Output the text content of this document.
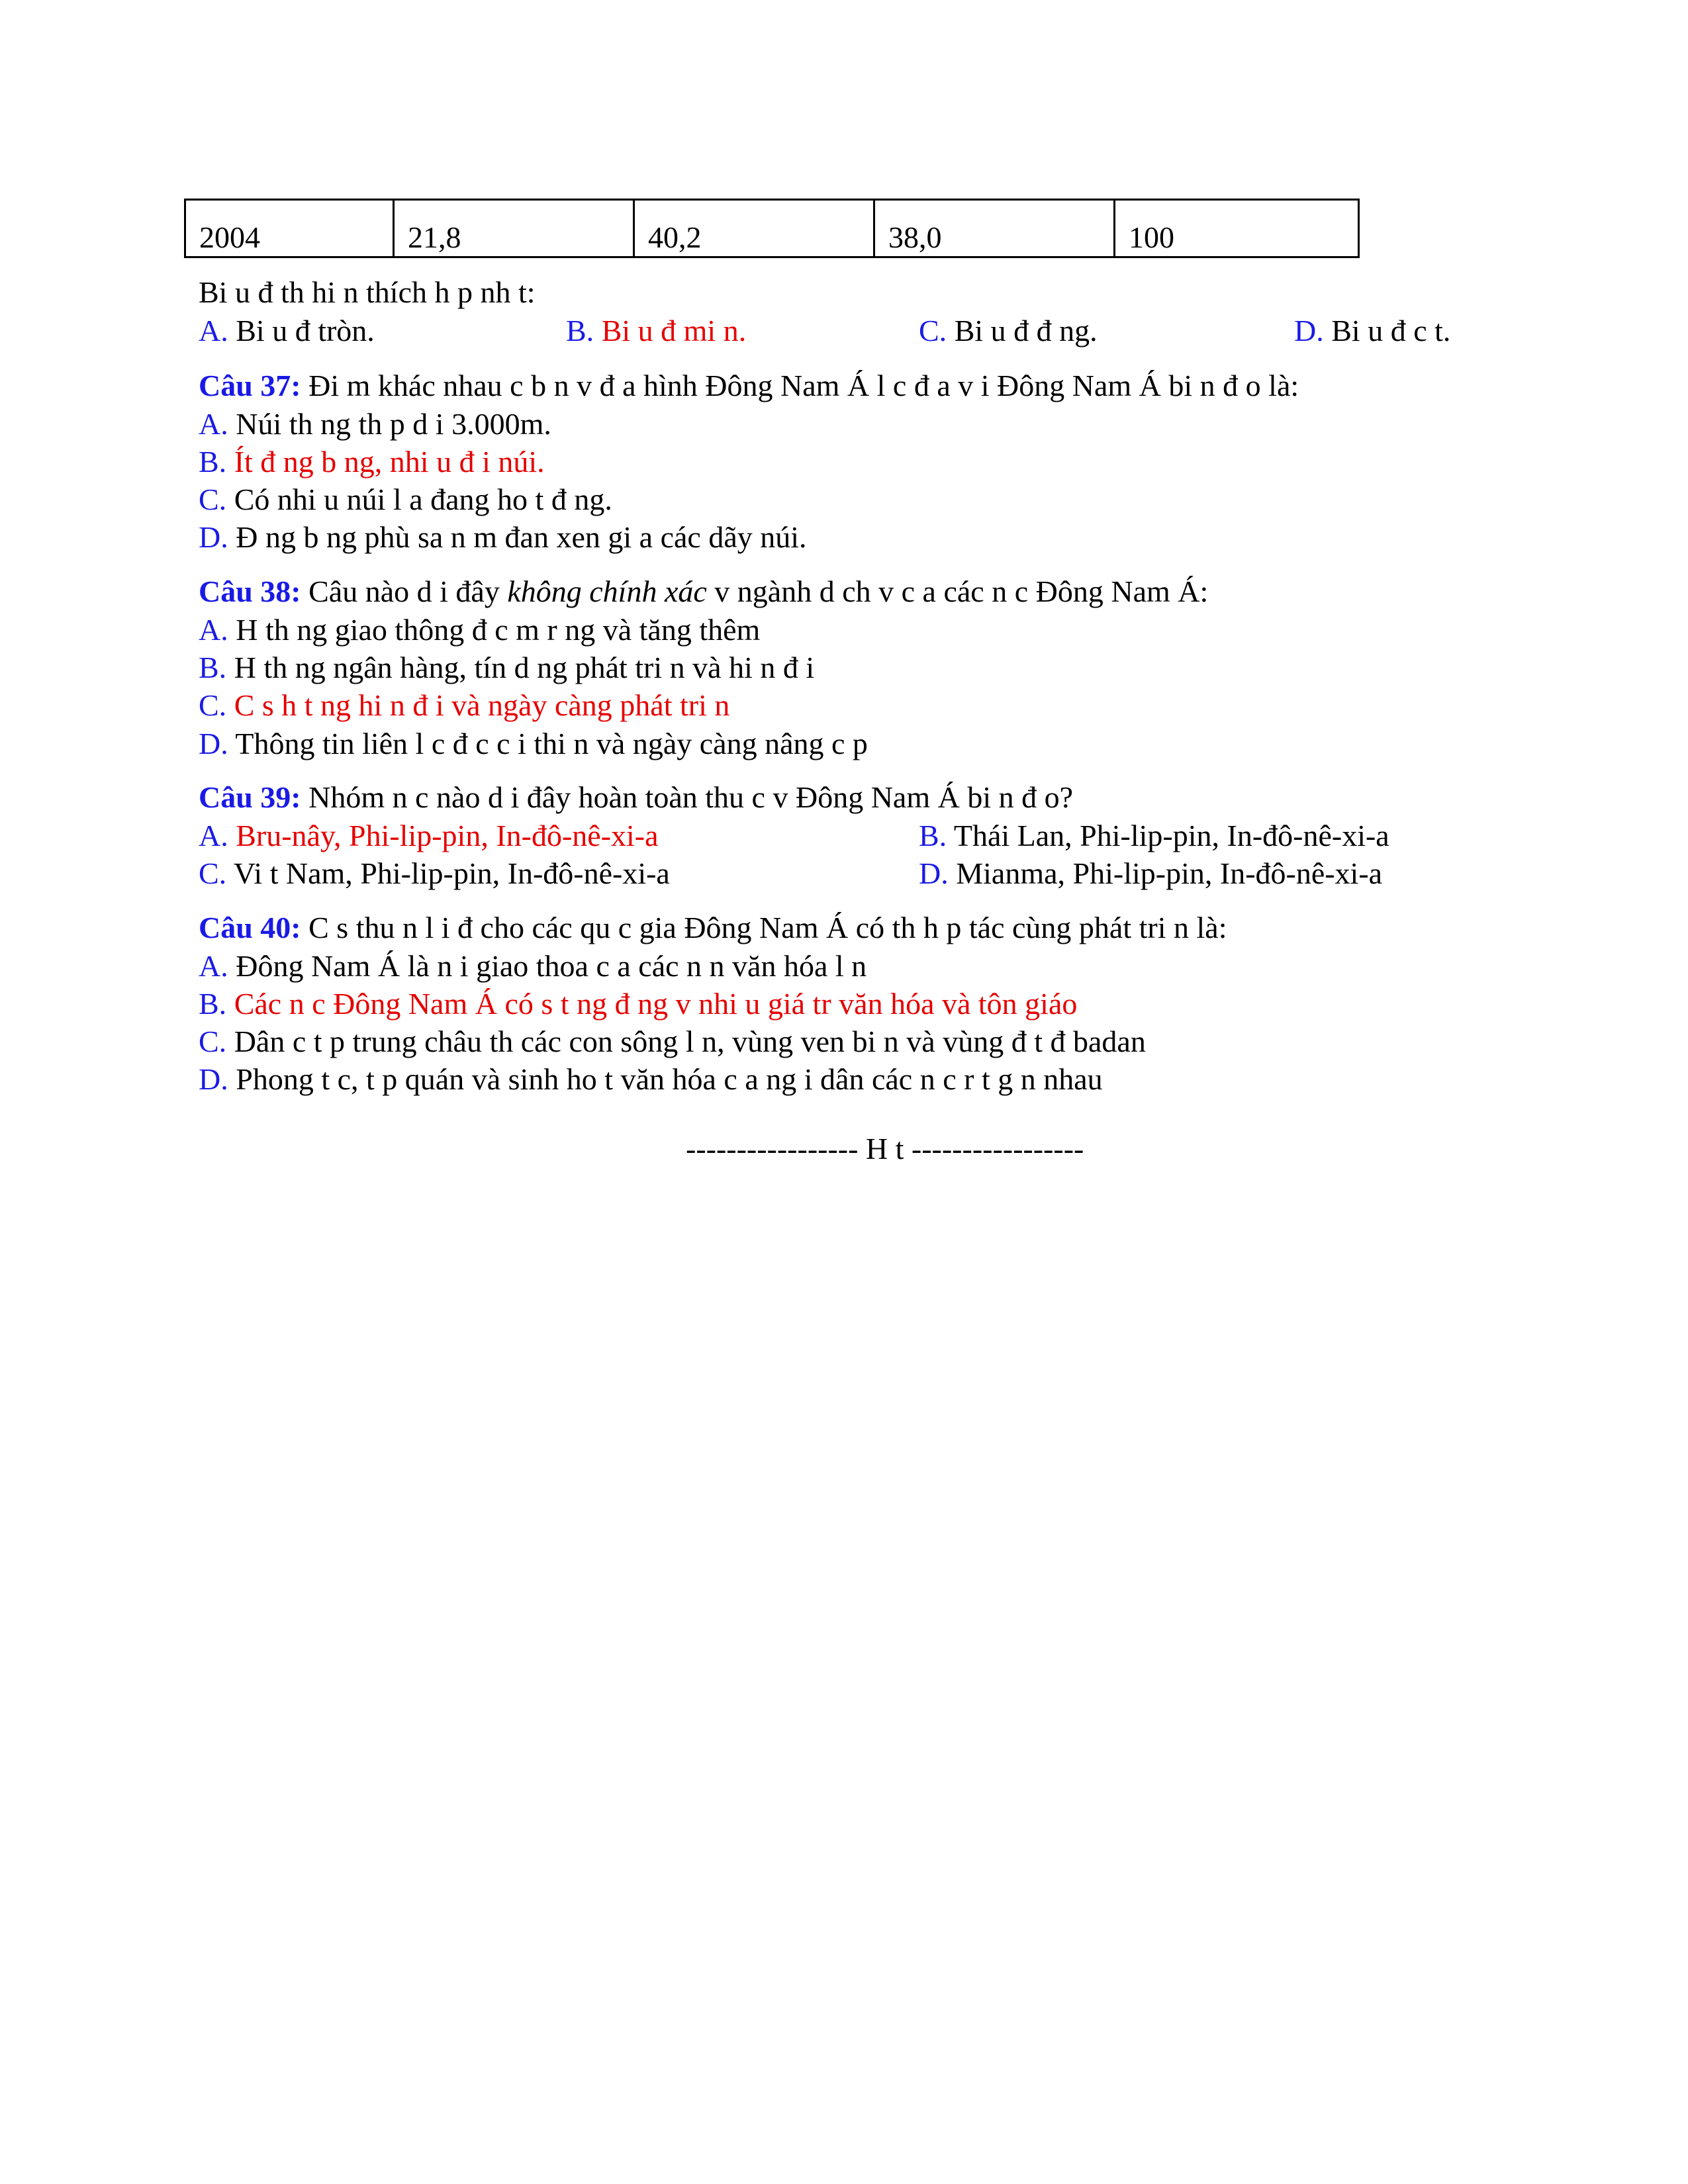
2004	21,8	40,2	38,0	100
Bi u đ th hi n thích h p nh t:
A. Bi u đ tròn.	B. Bi u đ mi n.	C. Bi u đ đ ng.	D. Bi u đ c t.
Câu 37: Đi m khác nhau c b n v đ a hình Đông Nam Á l c đ a v i Đông Nam Á bi n đ o là:
A. Núi th ng th p d i 3.000m.
B. Ít đ ng b ng, nhi u đ i núi.
C. Có nhi u núi l a đang ho t đ ng.
D. Đ ng b ng phù sa n m đan xen gi a các dãy núi.
Câu 38: Câu nào d i đây không chính xác v ngành d ch v c a các n c Đông Nam Á:
A. H th ng giao thông đ c m r ng và tăng thêm
B. H th ng ngân hàng, tín d ng phát tri n và hi n đ i
C. C s h t ng hi n đ i và ngày càng phát tri n
D. Thông tin liên l c đ c c i thi n và ngày càng nâng c p
Câu 39: Nhóm n c nào d i đây hoàn toàn thu c v Đông Nam Á bi n đ o?
A. Bru-nây, Phi-lip-pin, In-đô-nê-xi-a	B. Thái Lan, Phi-lip-pin, In-đô-nê-xi-a
C. Vi t Nam, Phi-lip-pin, In-đô-nê-xi-a	D. Mianma, Phi-lip-pin, In-đô-nê-xi-a
Câu 40: C s thu n l i đ cho các qu c gia Đông Nam Á có th h p tác cùng phát tri n là:
A. Đông Nam Á là n i giao thoa c a các n n văn hóa l n
B. Các n c Đông Nam Á có s t ng đ ng v nhi u giá tr văn hóa và tôn giáo
C. Dân c t p trung châu th các con sông l n, vùng ven bi n và vùng đ t đ badan
D. Phong t c, t p quán và sinh ho t văn hóa c a ng i dân các n c r t g n nhau
----------------- H t -----------------
